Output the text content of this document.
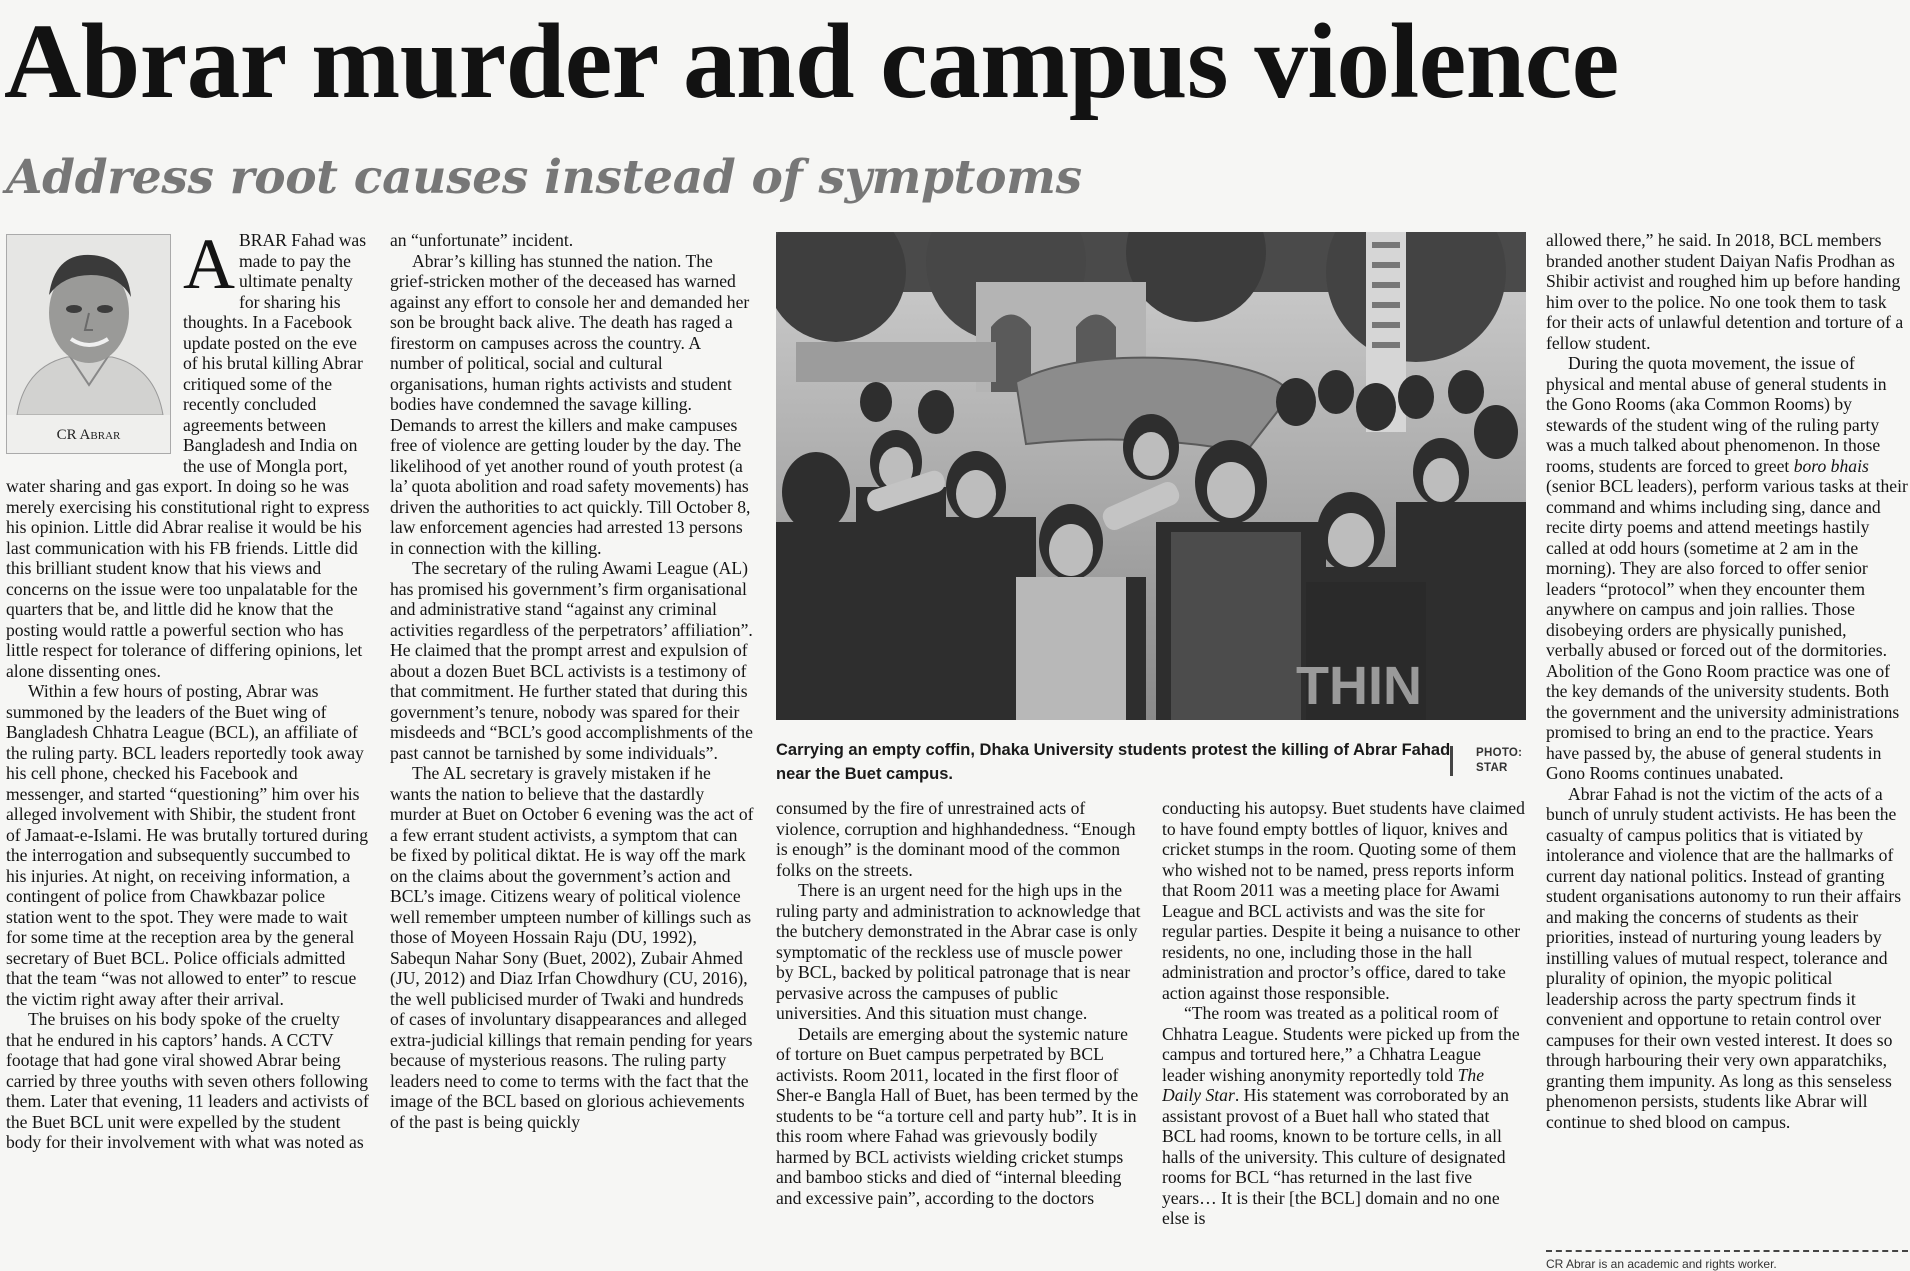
Abrar murder and campus violence
Address root causes instead of symptoms
CR Abrar
A BRAR Fahad was made to pay the ultimate penalty for sharing his thoughts. In a Facebook update posted on the eve of his brutal killing Abrar critiqued some of the recently concluded agreements between Bangladesh and India on the use of Mongla port, water sharing and gas export. In doing so he was merely exercising his constitutional right to express his opinion. Little did Abrar realise it would be his last communication with his FB friends. Little did this brilliant student know that his views and concerns on the issue were too unpalatable for the quarters that be, and little did he know that the posting would rattle a powerful section who has little respect for tolerance of differing opinions, let alone dissenting ones.

Within a few hours of posting, Abrar was summoned by the leaders of the Buet wing of Bangladesh Chhatra League (BCL), an affiliate of the ruling party. BCL leaders reportedly took away his cell phone, checked his Facebook and messenger, and started “questioning” him over his alleged involvement with Shibir, the student front of Jamaat-e-Islami. He was brutally tortured during the interrogation and subsequently succumbed to his injuries. At night, on receiving information, a contingent of police from Chawkbazar police station went to the spot. They were made to wait for some time at the reception area by the general secretary of Buet BCL. Police officials admitted that the team “was not allowed to enter” to rescue the victim right away after their arrival.

The bruises on his body spoke of the cruelty that he endured in his captors’ hands. A CCTV footage that had gone viral showed Abrar being carried by three youths with seven others following them. Later that evening, 11 leaders and activists of the Buet BCL unit were expelled by the student body for their involvement with what was noted as

an “unfortunate” incident.

Abrar’s killing has stunned the nation. The grief-stricken mother of the deceased has warned against any effort to console her and demanded her son be brought back alive. The death has raged a firestorm on campuses across the country. A number of political, social and cultural organisations, human rights activists and student bodies have condemned the savage killing. Demands to arrest the killers and make campuses free of violence are getting louder by the day. The likelihood of yet another round of youth protest (a la’ quota abolition and road safety movements) has driven the authorities to act quickly. Till October 8, law enforcement agencies had arrested 13 persons in connection with the killing.

The secretary of the ruling Awami League (AL) has promised his government’s firm organisational and administrative stand “against any criminal activities regardless of the perpetrators’ affiliation”. He claimed that the prompt arrest and expulsion of about a dozen Buet BCL activists is a testimony of that commitment. He further stated that during this government’s tenure, nobody was spared for their misdeeds and “BCL’s good accomplishments of the past cannot be tarnished by some individuals”.

The AL secretary is gravely mistaken if he wants the nation to believe that the dastardly murder at Buet on October 6 evening was the act of a few errant student activists, a symptom that can be fixed by political diktat. He is way off the mark on the claims about the government’s action and BCL’s image. Citizens weary of political violence well remember umpteen number of killings such as those of Moyeen Hossain Raju (DU, 1992), Sabequn Nahar Sony (Buet, 2002), Zubair Ahmed (JU, 2012) and Diaz Irfan Chowdhury (CU, 2016), the well publicised murder of Twaki and hundreds of cases of involuntary disappearances and alleged extra-judicial killings that remain pending for years because of mysterious reasons. The ruling party leaders need to come to terms with the fact that the image of the BCL based on glorious achievements of the past is being quickly

THIN

Carrying an empty coffin, Dhaka University students protest the killing of Abrar Fahad near the Buet campus.

PHOTO:
STAR

consumed by the fire of unrestrained acts of violence, corruption and highhandedness. “Enough is enough” is the dominant mood of the common folks on the streets.

There is an urgent need for the high ups in the ruling party and administration to acknowledge that the butchery demonstrated in the Abrar case is only symptomatic of the reckless use of muscle power by BCL, backed by political patronage that is near pervasive across the campuses of public universities. And this situation must change.

Details are emerging about the systemic nature of torture on Buet campus perpetrated by BCL activists. Room 2011, located in the first floor of Sher-e Bangla Hall of Buet, has been termed by the students to be “a torture cell and party hub”. It is in this room where Fahad was grievously bodily harmed by BCL activists wielding cricket stumps and bamboo sticks and died of “internal bleeding and excessive pain”, according to the doctors

conducting his autopsy. Buet students have claimed to have found empty bottles of liquor, knives and cricket stumps in the room. Quoting some of them who wished not to be named, press reports inform that Room 2011 was a meeting place for Awami League and BCL activists and was the site for regular parties. Despite it being a nuisance to other residents, no one, including those in the hall administration and proctor’s office, dared to take action against those responsible.

“The room was treated as a political room of Chhatra League. Students were picked up from the campus and tortured here,” a Chhatra League leader wishing anonymity reportedly told The Daily Star. His statement was corroborated by an assistant provost of a Buet hall who stated that BCL had rooms, known to be torture cells, in all halls of the university. This culture of designated rooms for BCL “has returned in the last five years… It is their [the BCL] domain and no one else is

allowed there,” he said. In 2018, BCL members branded another student Daiyan Nafis Prodhan as Shibir activist and roughed him up before handing him over to the police. No one took them to task for their acts of unlawful detention and torture of a fellow student.

During the quota movement, the issue of physical and mental abuse of general students in the Gono Rooms (aka Common Rooms) by stewards of the student wing of the ruling party was a much talked about phenomenon. In those rooms, students are forced to greet boro bhais (senior BCL leaders), perform various tasks at their command and whims including sing, dance and recite dirty poems and attend meetings hastily called at odd hours (sometime at 2 am in the morning). They are also forced to offer senior leaders “protocol” when they encounter them anywhere on campus and join rallies. Those disobeying orders are physically punished, verbally abused or forced out of the dormitories. Abolition of the Gono Room practice was one of the key demands of the university students. Both the government and the university administrations promised to bring an end to the practice. Years have passed by, the abuse of general students in Gono Rooms continues unabated.

Abrar Fahad is not the victim of the acts of a bunch of unruly student activists. He has been the casualty of campus politics that is vitiated by intolerance and violence that are the hallmarks of current day national politics. Instead of granting student organisations autonomy to run their affairs and making the concerns of students as their priorities, instead of nurturing young leaders by instilling values of mutual respect, tolerance and plurality of opinion, the myopic political leadership across the party spectrum finds it convenient and opportune to retain control over campuses for their own vested interest. It does so through harbouring their very own apparatchiks, granting them impunity. As long as this senseless phenomenon persists, students like Abrar will continue to shed blood on campus.

CR Abrar is an academic and rights worker.
